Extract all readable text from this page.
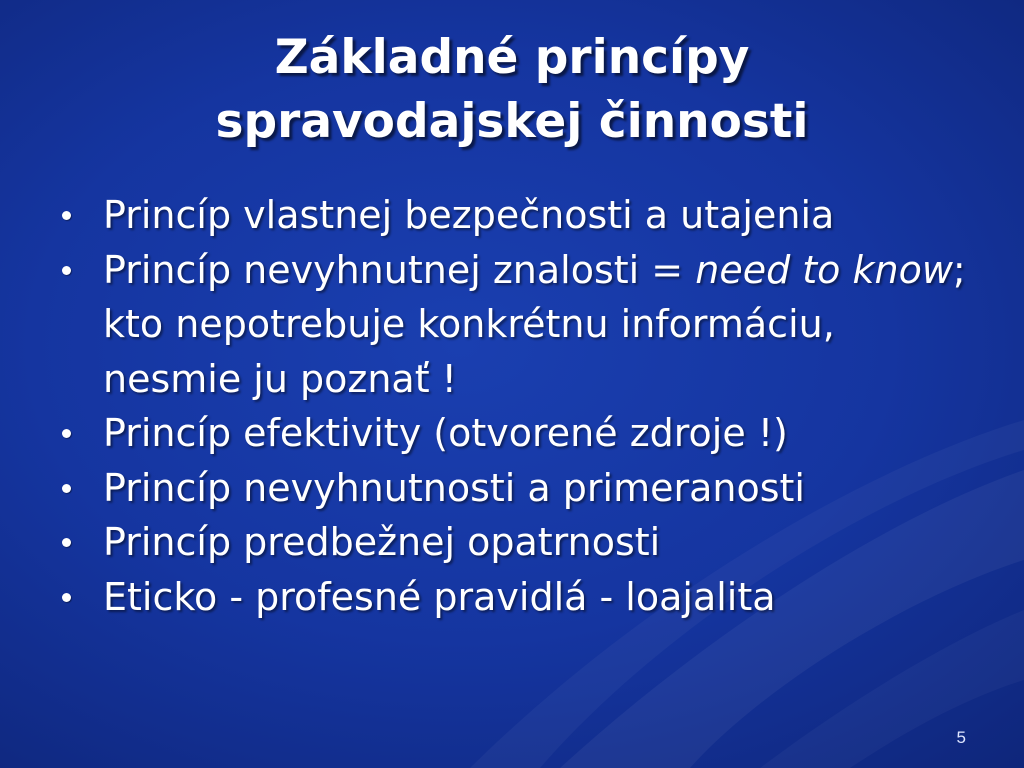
Základné princípy
spravodajskej činnosti
Princíp vlastnej bezpečnosti a utajenia
Princíp nevyhnutnej znalosti = need to know; kto nepotrebuje konkrétnu informáciu, nesmie ju poznať !
Princíp efektivity (otvorené zdroje !)
Princíp nevyhnutnosti a primeranosti
Princíp predbežnej opatrnosti
Eticko - profesné pravidlá - loajalita
5
